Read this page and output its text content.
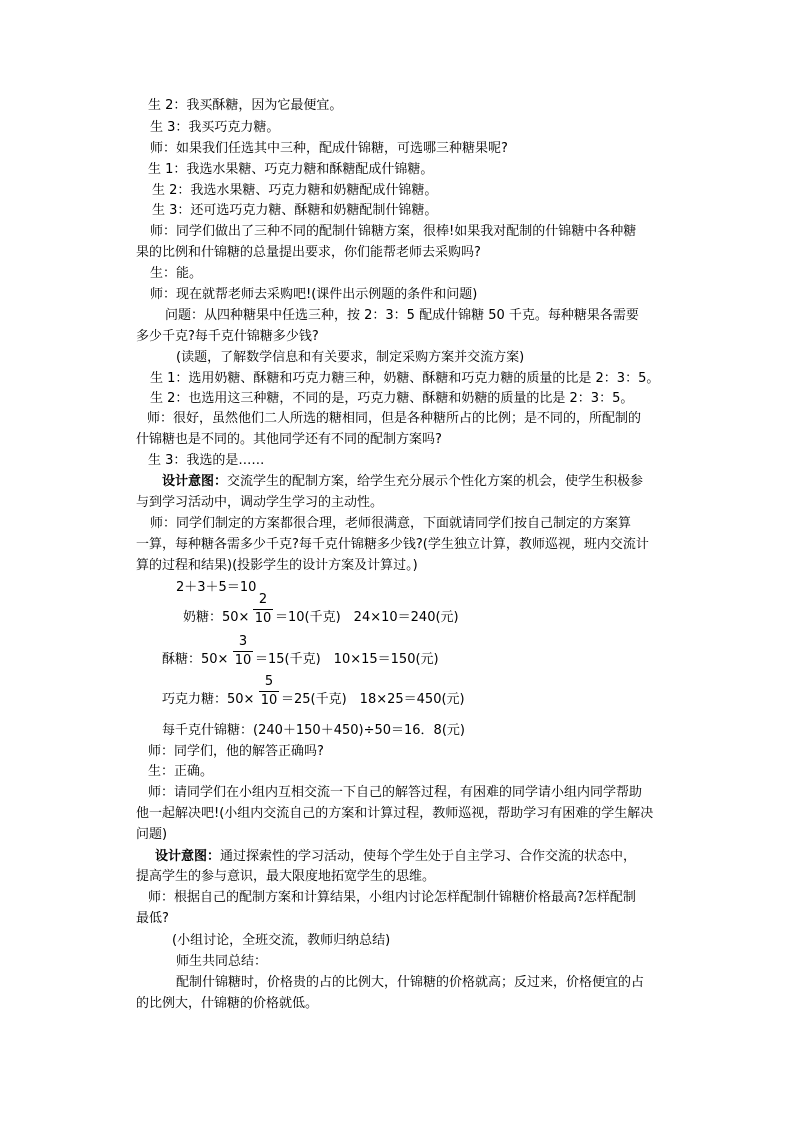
生 2：我买酥糖，因为它最便宜。
生 3：我买巧克力糖。
师：如果我们任选其中三种，配成什锦糖，可选哪三种糖果呢?
生 1：我选水果糖、巧克力糖和酥糖配成什锦糖。
生 2：我选水果糖、巧克力糖和奶糖配成什锦糖。
生 3：还可选巧克力糖、酥糖和奶糖配制什锦糖。
师：同学们做出了三种不同的配制什锦糖方案，很棒!如果我对配制的什锦糖中各种糖
果的比例和什锦糖的总量提出要求，你们能帮老师去采购吗?
生：能。
师：现在就帮老师去采购吧!(课件出示例题的条件和问题)
问题：从四种糖果中任选三种，按 2：3：5 配成什锦糖 50 千克。每种糖果各需要
多少千克?每千克什锦糖多少钱?
(读题，了解数学信息和有关要求，制定采购方案并交流方案)
生 1：选用奶糖、酥糖和巧克力糖三种，奶糖、酥糖和巧克力糖的质量的比是 2：3：5。
生 2：也选用这三种糖，不同的是，巧克力糖、酥糖和奶糖的质量的比是 2：3：5。
师：很好，虽然他们二人所选的糖相同，但是各种糖所占的比例；是不同的，所配制的
什锦糖也是不同的。其他同学还有不同的配制方案吗?
生 3：我选的是……
设计意图：交流学生的配制方案，给学生充分展示个性化方案的机会，使学生积极参
与到学习活动中，调动学生学习的主动性。
师：同学们制定的方案都很合理，老师很满意，下面就请同学们按自己制定的方案算
一算，每种糖各需多少千克?每千克什锦糖多少钱?(学生独立计算，教师巡视，班内交流计
算的过程和结果)(投影学生的设计方案及计算过。)
2＋3＋5＝10
奶糖：50×
2
10 ＝10(千克)　24×10＝240(元)
酥糖：50×
3
10 ＝15(千克)　10×15＝150(元)
巧克力糖：50×
5
10 ＝25(千克)　18×25＝450(元)
每千克什锦糖：(240＋150＋450)÷50＝16．8(元)
师：同学们，他的解答正确吗?
生：正确。
师：请同学们在小组内互相交流一下自己的解答过程，有困难的同学请小组内同学帮助
他一起解决吧!(小组内交流自己的方案和计算过程，教师巡视，帮助学习有困难的学生解决
问题)
设计意图：通过探索性的学习活动，使每个学生处于自主学习、合作交流的状态中，
提高学生的参与意识，最大限度地拓宽学生的思维。
师：根据自己的配制方案和计算结果，小组内讨论怎样配制什锦糖价格最高?怎样配制
最低?
(小组讨论，全班交流，教师归纳总结)
师生共同总结：
配制什锦糖时，价格贵的占的比例大，什锦糖的价格就高；反过来，价格便宜的占
的比例大，什锦糖的价格就低。
